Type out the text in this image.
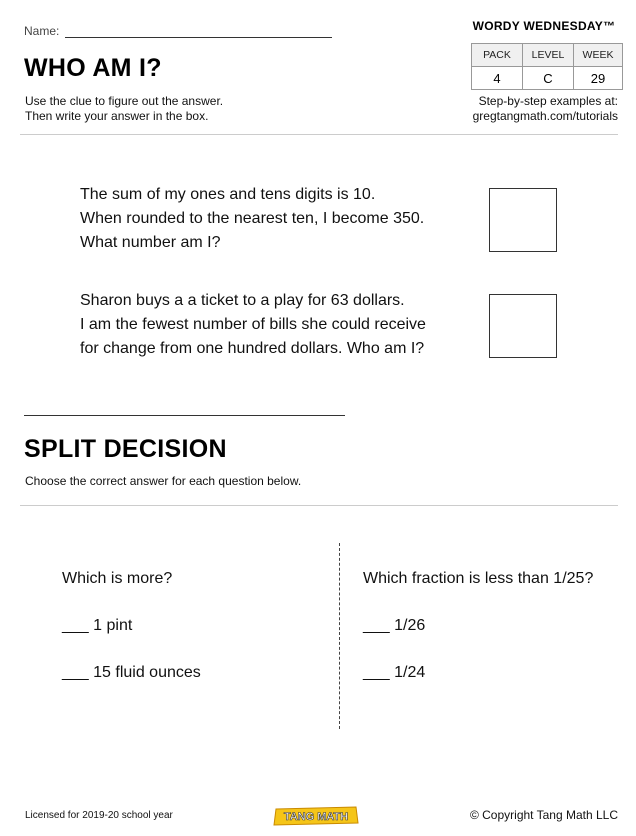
Name:
WHO AM I?
Use the clue to figure out the answer.
Then write your answer in the box.
WORDY WEDNESDAY™
PACK	LEVEL	WEEK
4	C	29
Step-by-step examples at:
gregtangmath.com/tutorials
The sum of my ones and tens digits is 10.
When rounded to the nearest ten, I become 350.
What number am I?
Sharon buys a a ticket to a play for 63 dollars.
I am the fewest number of bills she could receive
for change from one hundred dollars. Who am I?
SPLIT DECISION
Choose the correct answer for each question below.
Which is more?
___ 1 pint
___ 15 fluid ounces
Which fraction is less than 1/25?
___ 1/26
___ 1/24
Licensed for 2019-20 school year	TANG MATH	© Copyright Tang Math LLC
